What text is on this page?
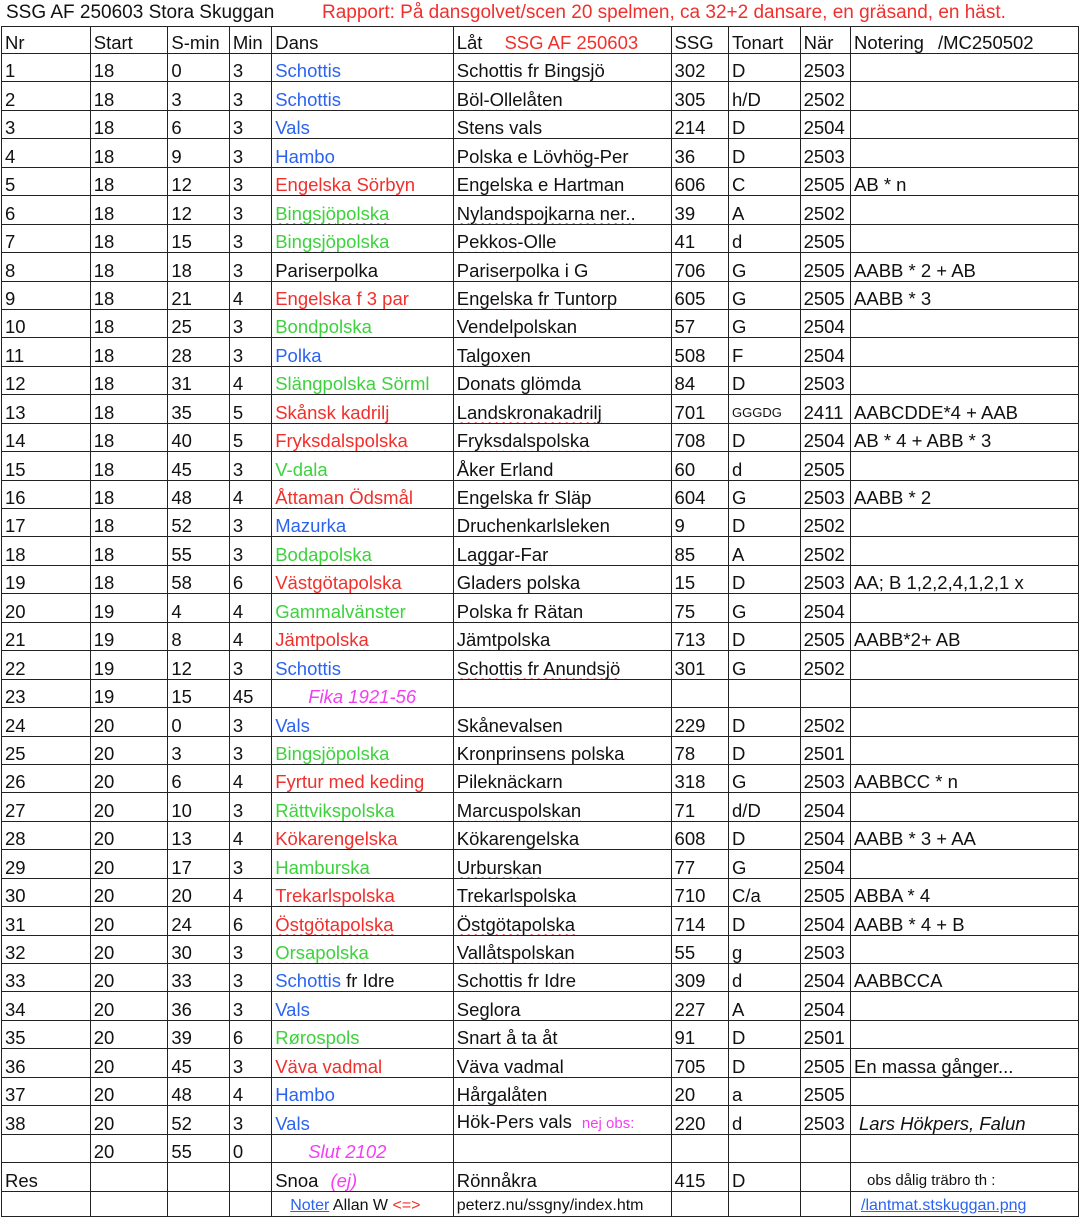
SSG AF 250603 Stora Skuggan	Rapport: På dansgolvet/scen 20 spelmen, ca 32+2 dansare, en gräsand, en häst.
Nr	Start	S-min	Min	Dans	Låt SSG AF 250603	SSG	Tonart	När	Notering /MC250502
1	18	0	3	Schottis	Schottis fr Bingsjö	302	D	2503	
2	18	3	3	Schottis	Böl-Ollelåten	305	h/D	2502	
3	18	6	3	Vals	Stens vals	214	D	2504	
4	18	9	3	Hambo	Polska e Lövhög-Per	36	D	2503	
5	18	12	3	Engelska Sörbyn	Engelska e Hartman	606	C	2505	AB * n
6	18	12	3	Bingsjöpolska	Nylandspojkarna ner..	39	A	2502	
7	18	15	3	Bingsjöpolska	Pekkos-Olle	41	d	2505	
8	18	18	3	Pariserpolka	Pariserpolka i G	706	G	2505	AABB * 2 + AB
9	18	21	4	Engelska f 3 par	Engelska fr Tuntorp	605	G	2505	AABB * 3
10	18	25	3	Bondpolska	Vendelpolskan	57	G	2504	
11	18	28	3	Polka	Talgoxen	508	F	2504	
12	18	31	4	Slängpolska Sörml	Donats glömda	84	D	2503	
13	18	35	5	Skånsk kadrilj	Landskronakadrilj	701	GGGDG	2411	AABCDDE*4 + AAB
14	18	40	5	Fryksdalspolska	Fryksdalspolska	708	D	2504	AB * 4 + ABB * 3
15	18	45	3	V-dala	Åker Erland	60	d	2505	
16	18	48	4	Åttaman Ödsmål	Engelska fr Släp	604	G	2503	AABB * 2
17	18	52	3	Mazurka	Druchenkarlsleken	9	D	2502	
18	18	55	3	Bodapolska	Laggar-Far	85	A	2502	
19	18	58	6	Västgötapolska	Gladers polska	15	D	2503	AA; B 1,2,2,4,1,2,1 x
20	19	4	4	Gammalvänster	Polska fr Rätan	75	G	2504	
21	19	8	4	Jämtpolska	Jämtpolska	713	D	2505	AABB*2+ AB
22	19	12	3	Schottis	Schottis fr Anundsjö	301	G	2502	
23	19	15	45	Fika 1921-56					
24	20	0	3	Vals	Skånevalsen	229	D	2502	
25	20	3	3	Bingsjöpolska	Kronprinsens polska	78	D	2501	
26	20	6	4	Fyrtur med keding	Pileknäckarn	318	G	2503	AABBCC * n
27	20	10	3	Rättvikspolska	Marcuspolskan	71	d/D	2504	
28	20	13	4	Kökarengelska	Kökarengelska	608	D	2504	AABB * 3 + AA
29	20	17	3	Hamburska	Urburskan	77	G	2504	
30	20	20	4	Trekarlspolska	Trekarlspolska	710	C/a	2505	ABBA * 4
31	20	24	6	Östgötapolska	Östgötapolska	714	D	2504	AABB * 4 + B
32	20	30	3	Orsapolska	Vallåtspolskan	55	g	2503	
33	20	33	3	Schottis fr Idre	Schottis fr Idre	309	d	2504	AABBCCA
34	20	36	3	Vals	Seglora	227	A	2504	
35	20	39	6	Rørospols	Snart å ta åt	91	D	2501	
36	20	45	3	Väva vadmal	Väva vadmal	705	D	2505	En massa gånger...
37	20	48	4	Hambo	Hårgalåten	20	a	2505	
38	20	52	3	Vals	Hök-Pers vals nej obs:	220	d	2503	Lars Hökpers, Falun
	20	55	0	Slut 2102					
Res				Snoa (ej)	Rönnåkra	415	D		obs dålig träbro th :
				Noter Allan W <=>	peterz.nu/ssgny/index.htm				/lantmat.stskuggan.png
